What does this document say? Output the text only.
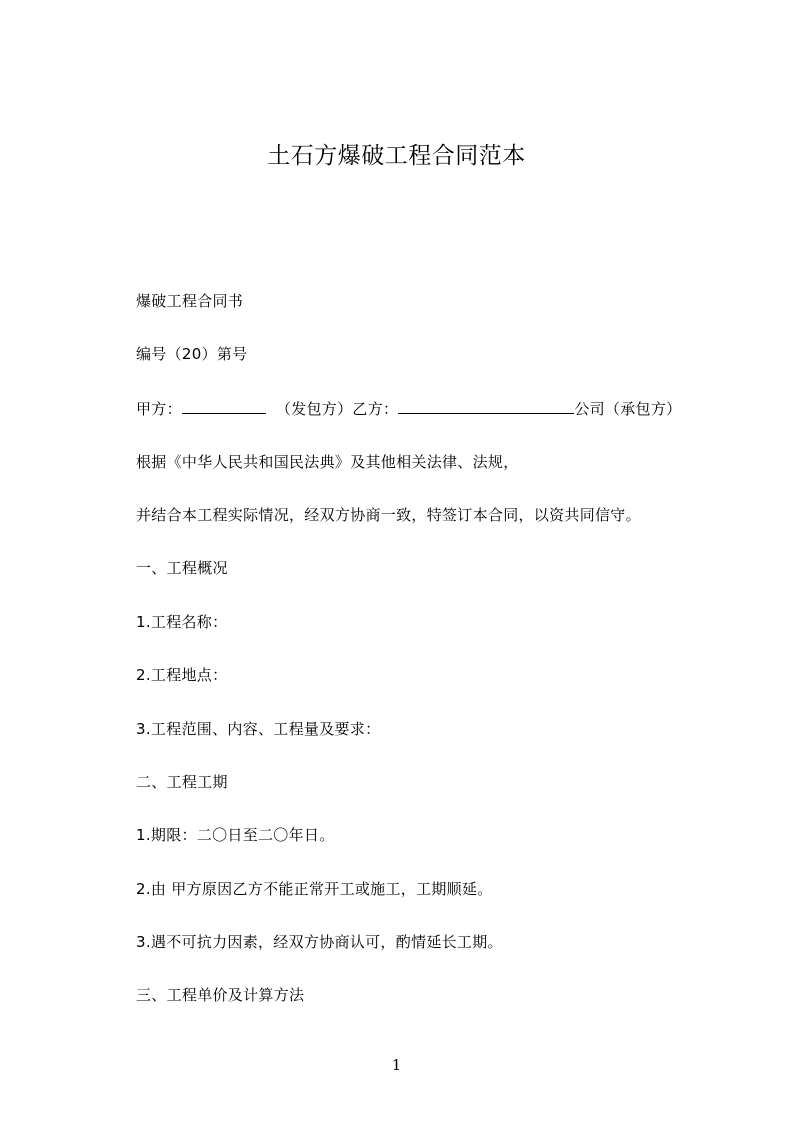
土石方爆破工程合同范本
爆破工程合同书
编号（20）第号
甲方：	（发包方）乙方：	公司（承包方）
根据《中华人民共和国民法典》及其他相关法律、法规，
并结合本工程实际情况，经双方协商一致，特签订本合同，以资共同信守。
一、工程概况
1.工程名称：
2.工程地点：
3.工程范围、内容、工程量及要求：
二、工程工期
1.期限：二〇日至二〇年日。
2.由 甲方原因乙方不能正常开工或施工，工期顺延。
3.遇不可抗力因素，经双方协商认可，酌情延长工期。
三、工程单价及计算方法
1
